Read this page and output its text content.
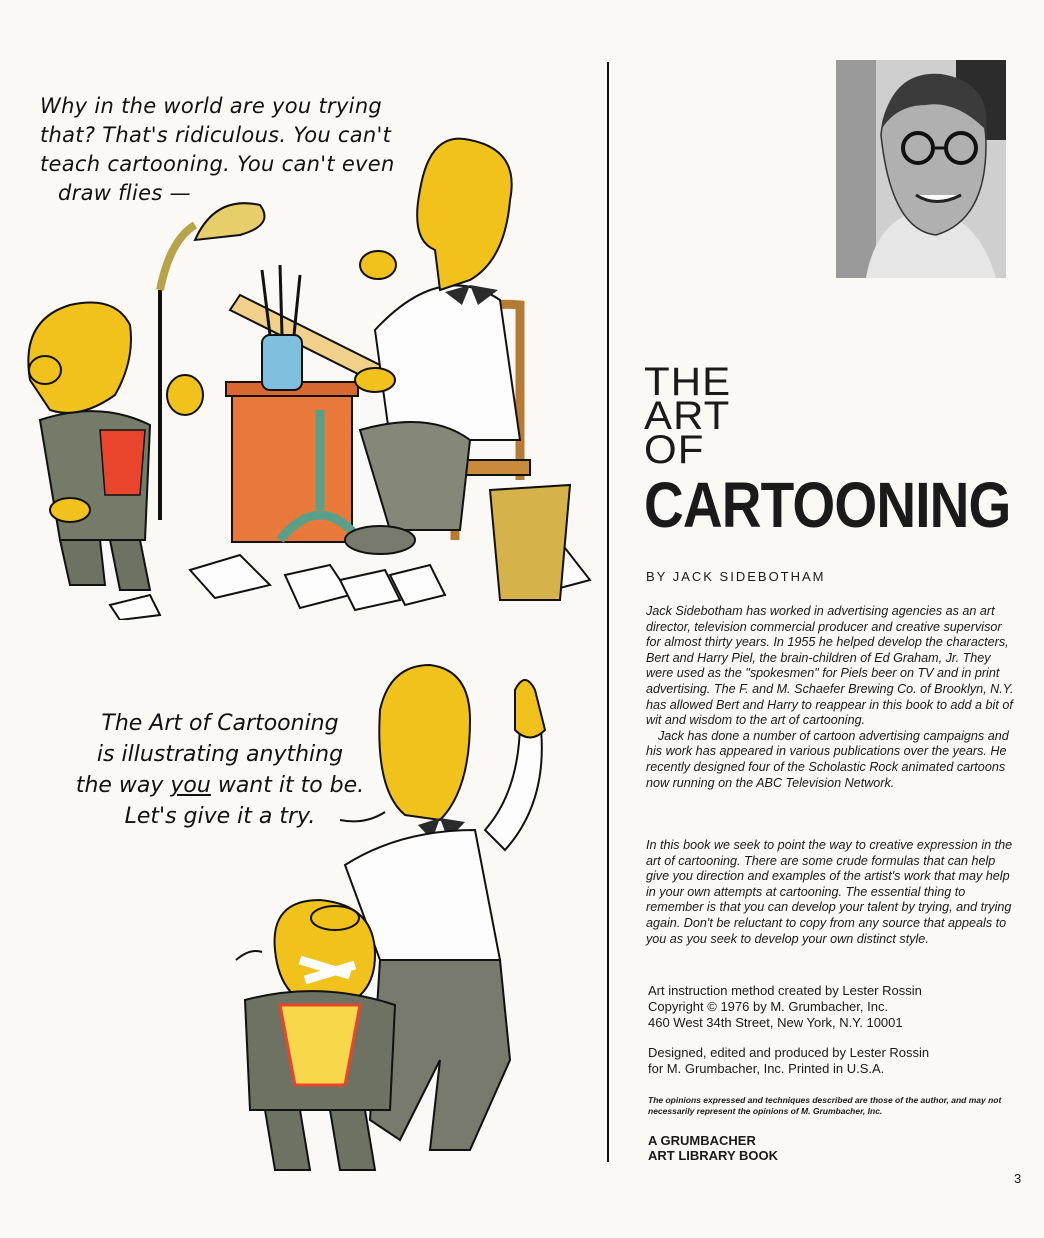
Why in the world are you trying
that? That's ridiculous. You can't
teach cartooning. You can't even
draw flies —
The Art of Cartooning
is illustrating anything
the way you want it to be.
Let's give it a try.
THE
ART
OF
CARTOONING
BY JACK SIDEBOTHAM
Jack Sidebotham has worked in advertising agencies as an art director, television commercial producer and creative supervisor for almost thirty years. In 1955 he helped develop the characters, Bert and Harry Piel, the brain-children of Ed Graham, Jr. They were used as the "spokesmen" for Piels beer on TV and in print advertising. The F. and M. Schaefer Brewing Co. of Brooklyn, N.Y. has allowed Bert and Harry to reappear in this book to add a bit of wit and wisdom to the art of cartooning.
Jack has done a number of cartoon advertising campaigns and his work has appeared in various publications over the years. He recently designed four of the Scholastic Rock animated cartoons now running on the ABC Television Network.
In this book we seek to point the way to creative expression in the art of cartooning. There are some crude formulas that can help give you direction and examples of the artist's work that may help in your own attempts at cartooning. The essential thing to remember is that you can develop your talent by trying, and trying again. Don't be reluctant to copy from any source that appeals to you as you seek to develop your own distinct style.
Art instruction method created by Lester Rossin
Copyright © 1976 by M. Grumbacher, Inc.
460 West 34th Street, New York, N.Y. 10001
Designed, edited and produced by Lester Rossin
for M. Grumbacher, Inc. Printed in U.S.A.

The opinions expressed and techniques described are those of the author, and may not necessarily represent the opinions of M. Grumbacher, Inc.

A GRUMBACHER
ART LIBRARY BOOK
3
